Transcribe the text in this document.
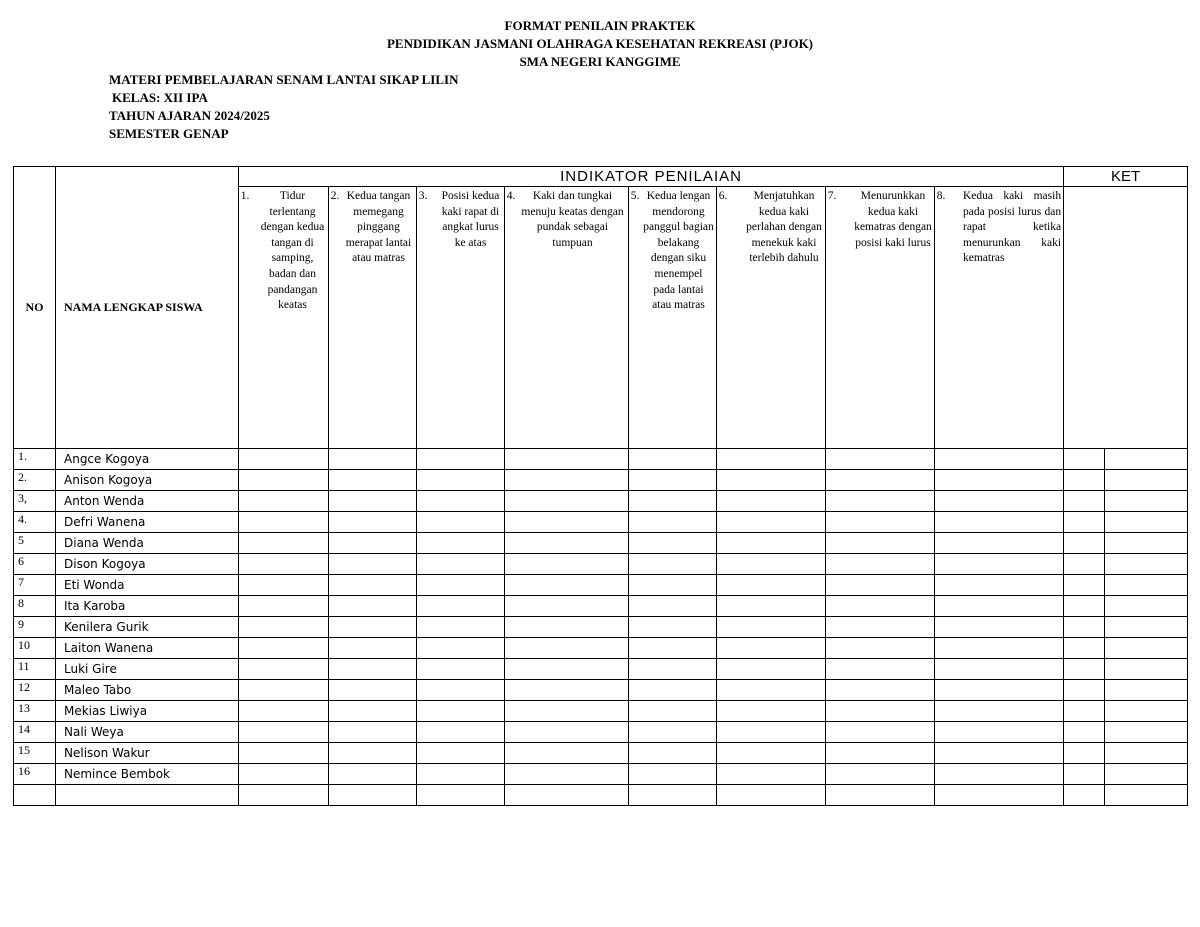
FORMAT PENILAIN PRAKTEK
PENDIDIKAN JASMANI OLAHRAGA KESEHATAN REKREASI (PJOK)
SMA NEGERI KANGGIME
MATERI PEMBELAJARAN SENAM LANTAI SIKAP LILIN
KELAS: XII IPA
TAHUN AJARAN 2024/2025
SEMESTER GENAP
NO	NAMA LENGKAP SISWA	INDIKATOR PENILAIAN								KET	

		1. Tidur terlentang dengan kedua tangan di samping, badan dan pandangan keatas	2. Kedua tangan memegang pinggang merapat lantai atau matras	3. Posisi kedua kaki rapat di angkat lurus ke atas	4. Kaki dan tungkai menuju keatas dengan pundak sebagai tumpuan	5. Kedua lengan mendorong panggul bagian belakang dengan siku menempel pada lantai atau matras	6. Menjatuhkan kedua kaki perlahan dengan menekuk kaki terlebih dahulu	7. Menurunkkan kedua kaki kematras dengan posisi kaki lurus	8. Kedua kaki masih pada posisi lurus dan rapat ketika menurunkan kaki kematras		

1.	Angce Kogoya										
2.	Anison Kogoya										
3,	Anton Wenda										
4.	Defri Wanena										
5	Diana Wenda										
6	Dison Kogoya										
7	Eti Wonda										
8	Ita Karoba										
9	Kenilera Gurik										
10	Laiton Wanena										
11	Luki Gire										
12	Maleo Tabo										
13	Mekias Liwiya										
14	Nali Weya										
15	Nelison Wakur										
16	Nemince Bembok										
